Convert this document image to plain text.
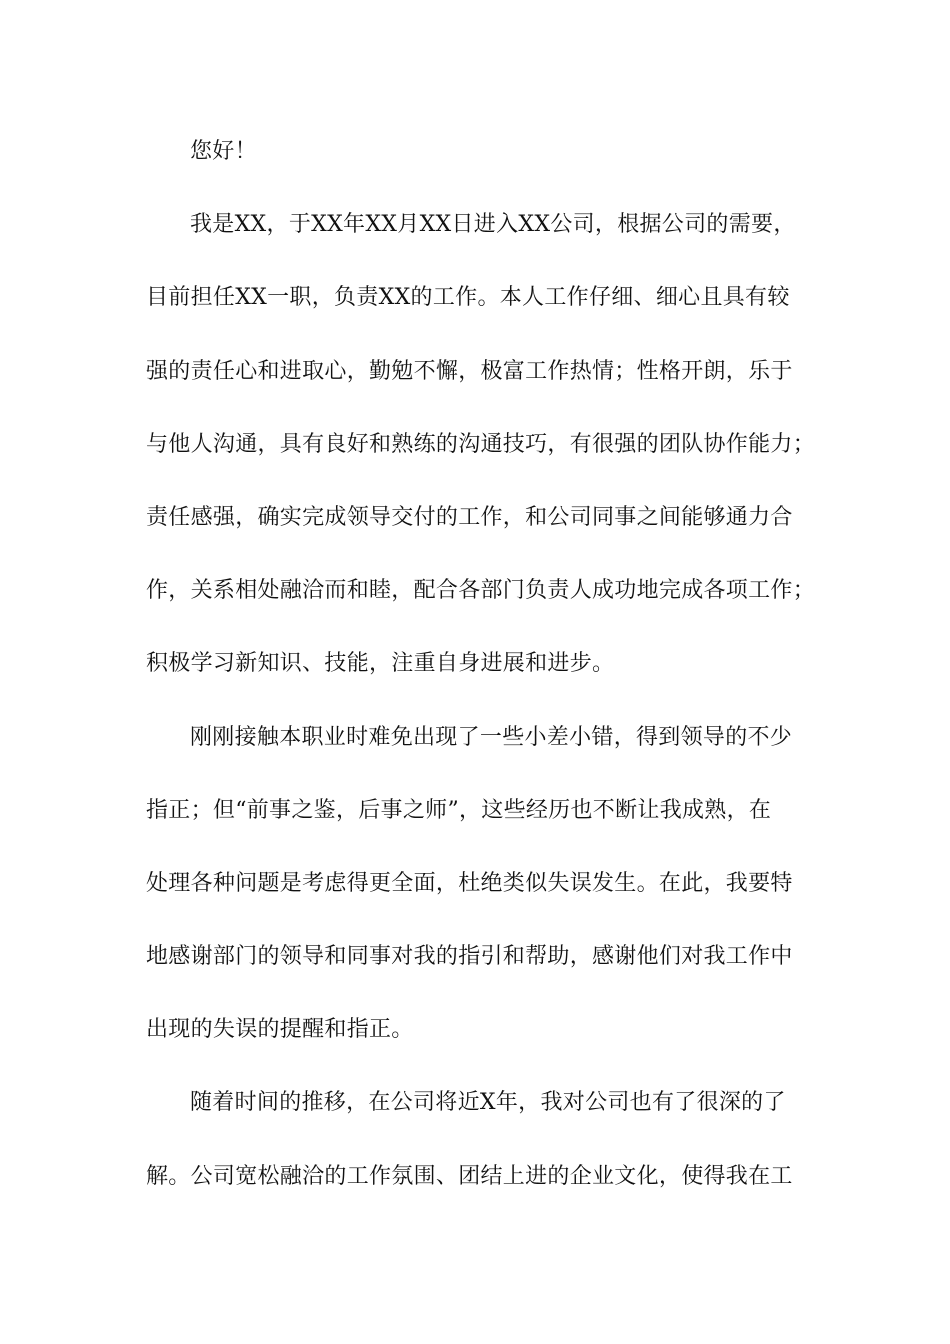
您好！
我是XX，于XX年XX月XX日进入XX公司，根据公司的需要，
目前担任XX一职，负责XX的工作。本人工作仔细、细心且具有较
强的责任心和进取心，勤勉不懈，极富工作热情；性格开朗，乐于
与他人沟通，具有良好和熟练的沟通技巧，有很强的团队协作能力；
责任感强，确实完成领导交付的工作，和公司同事之间能够通力合
作，关系相处融洽而和睦，配合各部门负责人成功地完成各项工作；
积极学习新知识、技能，注重自身进展和进步。
刚刚接触本职业时难免出现了一些小差小错，得到领导的不少
指正；但“前事之鉴，后事之师”，这些经历也不断让我成熟，在
处理各种问题是考虑得更全面，杜绝类似失误发生。在此，我要特
地感谢部门的领导和同事对我的指引和帮助，感谢他们对我工作中
出现的失误的提醒和指正。
随着时间的推移，在公司将近X年，我对公司也有了很深的了
解。公司宽松融洽的工作氛围、团结上进的企业文化，使得我在工
